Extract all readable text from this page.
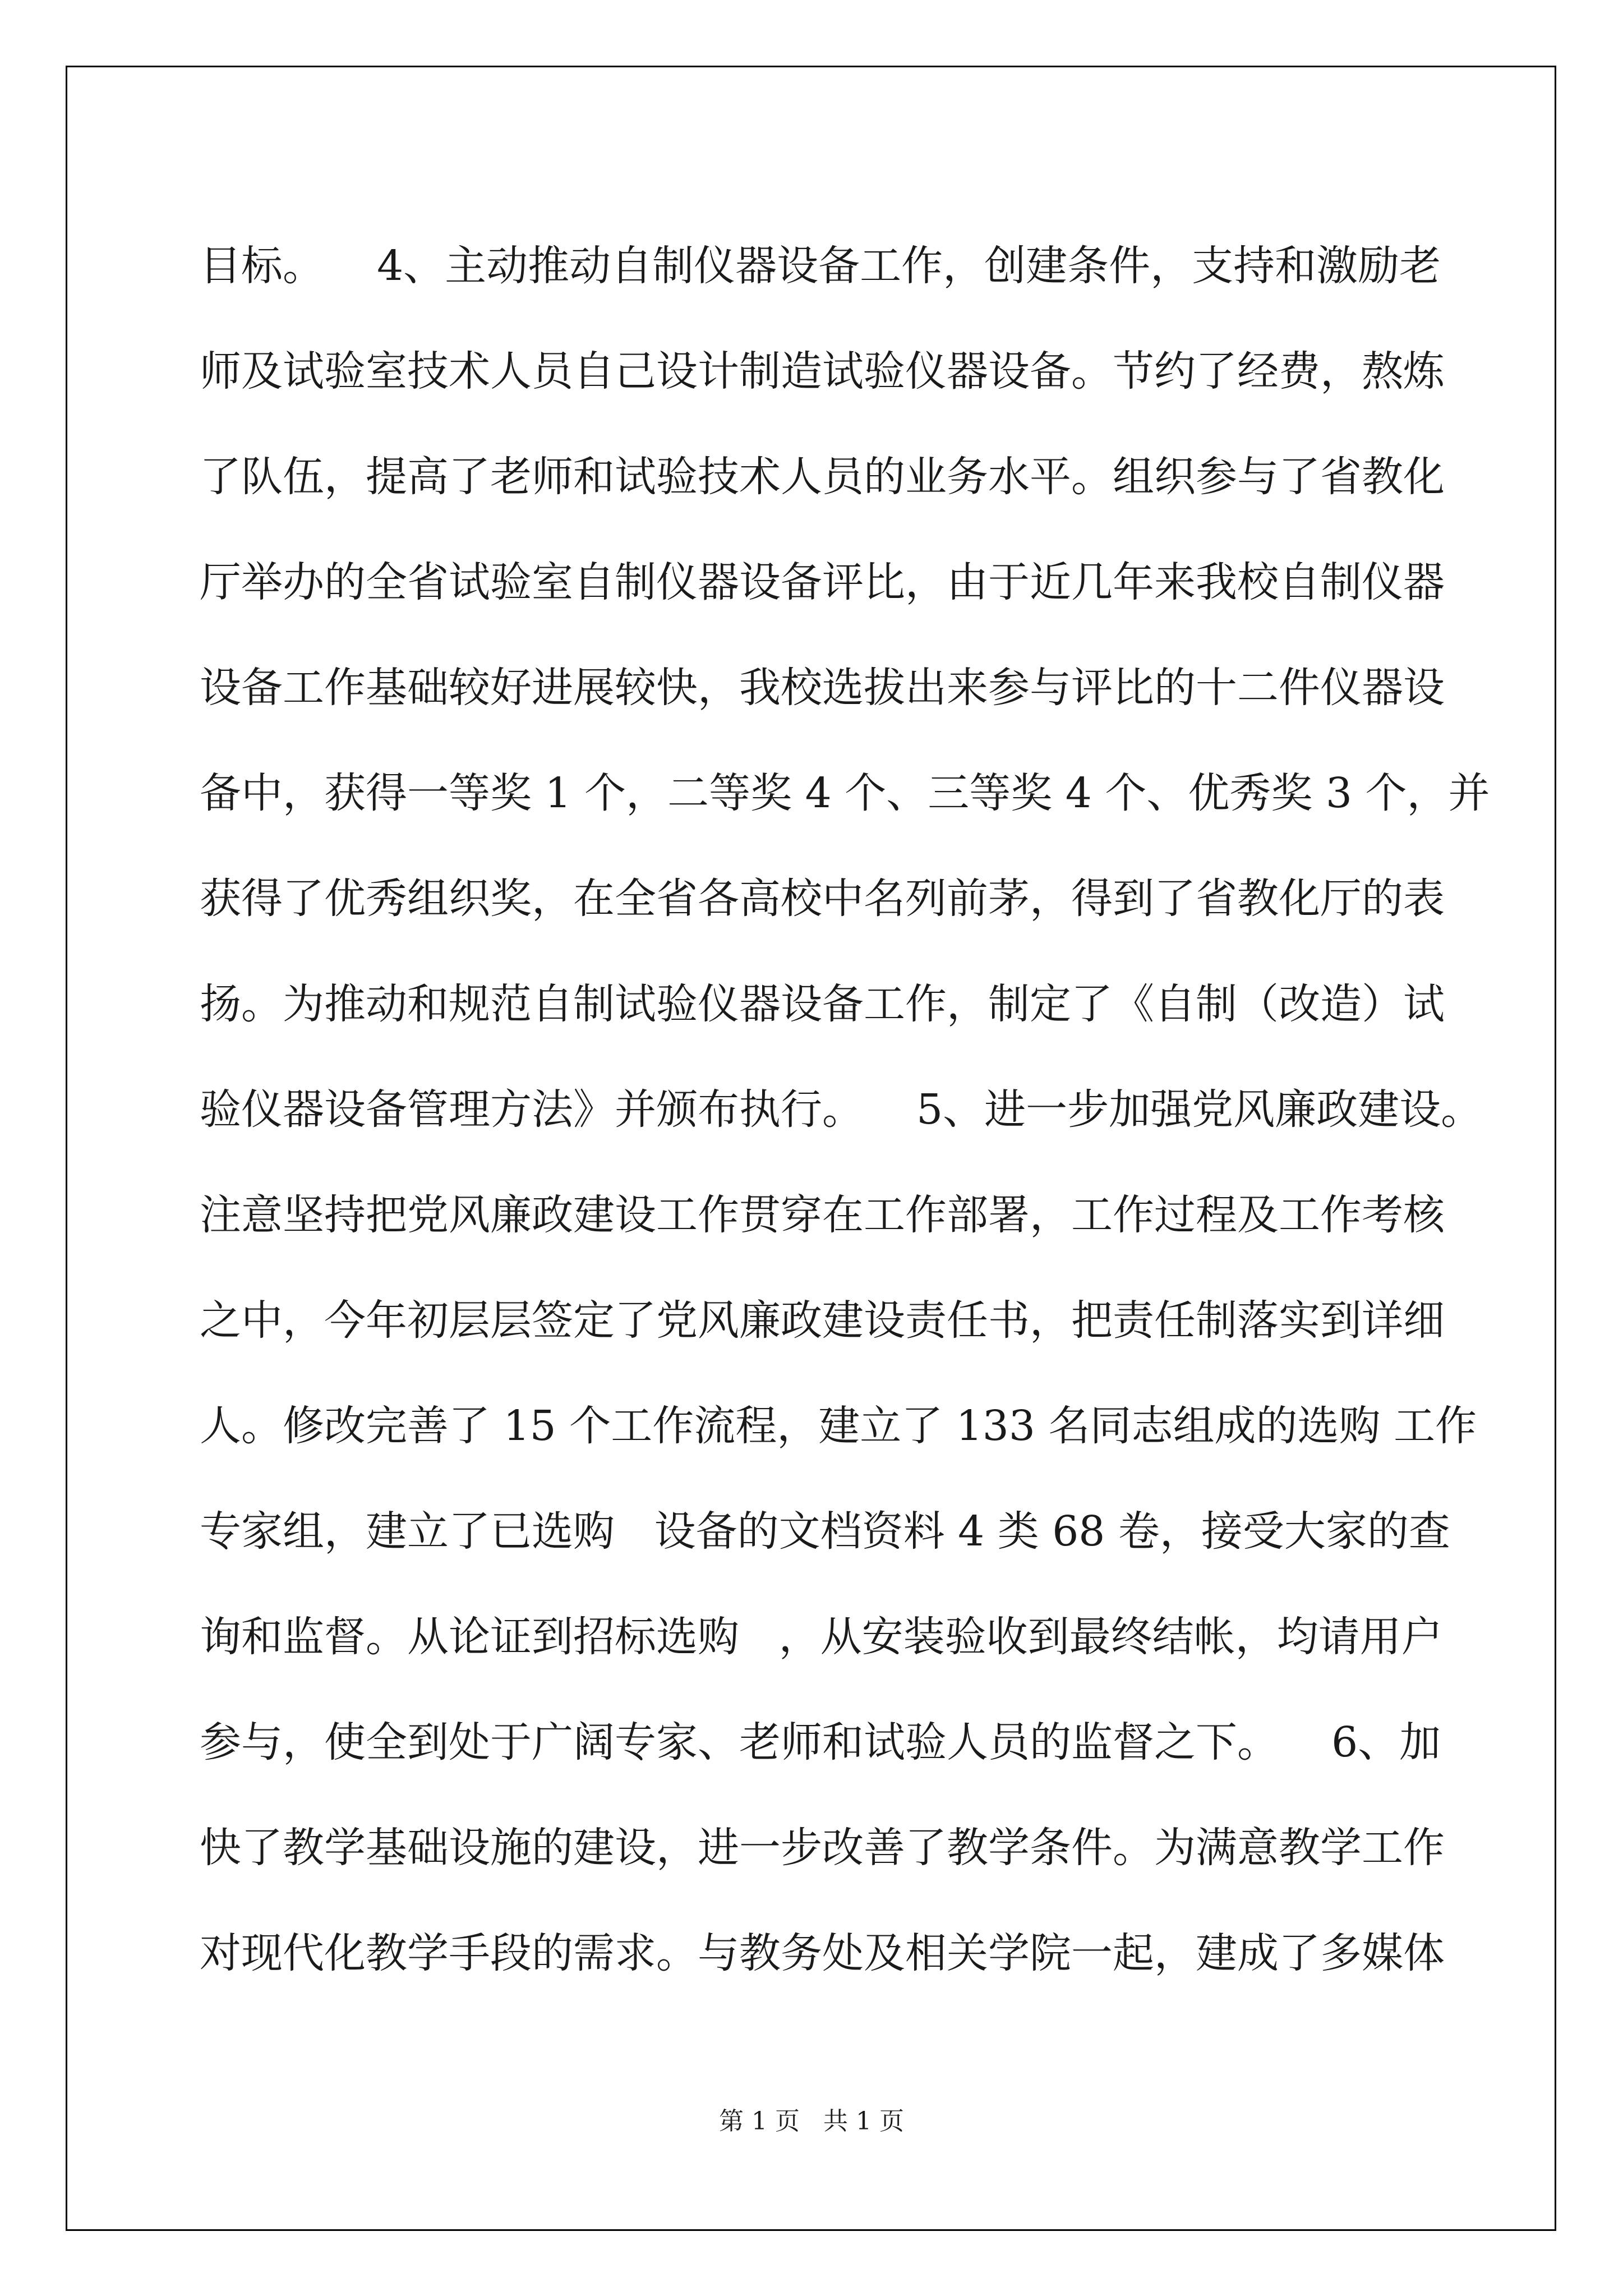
目标。    4、主动推动自制仪器设备工作，创建条件，支持和激励老
师及试验室技术人员自己设计制造试验仪器设备。节约了经费，熬炼
了队伍，提高了老师和试验技术人员的业务水平。组织参与了省教化
厅举办的全省试验室自制仪器设备评比，由于近几年来我校自制仪器
设备工作基础较好进展较快，我校选拔出来参与评比的十二件仪器设
备中，获得一等奖 1 个，二等奖 4 个、三等奖 4 个、优秀奖 3 个，并
获得了优秀组织奖，在全省各高校中名列前茅，得到了省教化厅的表
扬。为推动和规范自制试验仪器设备工作，制定了《自制（改造）试
验仪器设备管理方法》并颁布执行。    5、进一步加强党风廉政建设。
注意坚持把党风廉政建设工作贯穿在工作部署，工作过程及工作考核
之中，今年初层层签定了党风廉政建设责任书，把责任制落实到详细
人。修改完善了 15 个工作流程，建立了 133 名同志组成的选购 工作
专家组，建立了已选购   设备的文档资料 4 类 68 卷，接受大家的查
询和监督。从论证到招标选购   ，从安装验收到最终结帐，均请用户
参与，使全到处于广阔专家、老师和试验人员的监督之下。    6、加
快了教学基础设施的建设，进一步改善了教学条件。为满意教学工作
对现代化教学手段的需求。与教务处及相关学院一起，建成了多媒体
第 1 页   共 1 页
